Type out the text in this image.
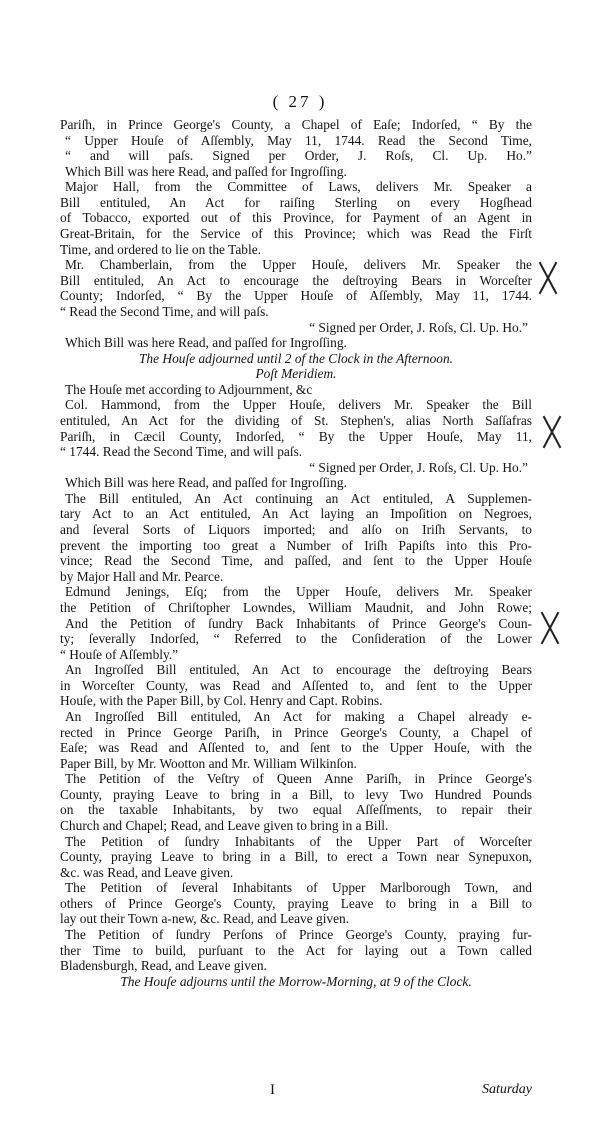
( 27 )
Pariſh, in Prince George's County, a Chapel of Eaſe; Indorſed, “ By the
“ Upper Houſe of Aſſembly, May 11, 1744. Read the Second Time,
“ and will paſs. Signed per Order, J. Roſs, Cl. Up. Ho.”
Which Bill was here Read, and paſſed for Ingroſſing.
Major Hall, from the Committee of Laws, delivers Mr. Speaker a
Bill entituled, An Act for raiſing Sterling on every Hogſhead
of Tobacco, exported out of this Province, for Payment of an Agent in
Great-Britain, for the Service of this Province; which was Read the Firſt
Time, and ordered to lie on the Table.
Mr. Chamberlain, from the Upper Houſe, delivers Mr. Speaker the
Bill entituled, An Act to encourage the deſtroying Bears in Worceſter
County; Indorſed, “ By the Upper Houſe of Aſſembly, May 11, 1744.
“ Read the Second Time, and will paſs.
“ Signed per Order, J. Roſs, Cl. Up. Ho.”
Which Bill was here Read, and paſſed for Ingroſſing.
The Houſe adjourned until 2 of the Clock in the Afternoon.
Poſt Meridiem.
The Houſe met according to Adjournment, &c
Col. Hammond, from the Upper Houſe, delivers Mr. Speaker the Bill
entituled, An Act for the dividing of St. Stephen's, alias North Saſſafras
Pariſh, in Cæcil County, Indorſed, “ By the Upper Houſe, May 11,
“ 1744. Read the Second Time, and will paſs.
“ Signed per Order, J. Roſs, Cl. Up. Ho.”
Which Bill was here Read, and paſſed for Ingroſſing.
The Bill entituled, An Act continuing an Act entituled, A Supplemen-
tary Act to an Act entituled, An Act laying an Impoſition on Negroes,
and ſeveral Sorts of Liquors imported; and alſo on Iriſh Servants, to
prevent the importing too great a Number of Iriſh Papiſts into this Pro-
vince; Read the Second Time, and paſſed, and ſent to the Upper Houſe
by Major Hall and Mr. Pearce.
Edmund Jenings, Eſq; from the Upper Houſe, delivers Mr. Speaker
the Petition of Chriſtopher Lowndes, William Maudnit, and John Rowe;
And the Petition of ſundry Back Inhabitants of Prince George's Coun-
ty; ſeverally Indorſed, “ Referred to the Conſideration of the Lower
“ Houſe of Aſſembly.”
An Ingroſſed Bill entituled, An Act to encourage the deſtroying Bears
in Worceſter County, was Read and Aſſented to, and ſent to the Upper
Houſe, with the Paper Bill, by Col. Henry and Capt. Robins.
An Ingroſſed Bill entituled, An Act for making a Chapel already e-
rected in Prince George Pariſh, in Prince George's County, a Chapel of
Eaſe; was Read and Aſſented to, and ſent to the Upper Houſe, with the
Paper Bill, by Mr. Wootton and Mr. William Wilkinſon.
The Petition of the Veſtry of Queen Anne Pariſh, in Prince George's
County, praying Leave to bring in a Bill, to levy Two Hundred Pounds
on the taxable Inhabitants, by two equal Aſſeſſments, to repair their
Church and Chapel; Read, and Leave given to bring in a Bill.
The Petition of ſundry Inhabitants of the Upper Part of Worceſter
County, praying Leave to bring in a Bill, to erect a Town near Synepuxon,
&c. was Read, and Leave given.
The Petition of ſeveral Inhabitants of Upper Marlborough Town, and
others of Prince George's County, praying Leave to bring in a Bill to
lay out their Town a-new, &c. Read, and Leave given.
The Petition of ſundry Perſons of Prince George's County, praying fur-
ther Time to build, purſuant to the Act for laying out a Town called
Bladensburgh, Read, and Leave given.
The Houſe adjourns until the Morrow-Morning, at 9 of the Clock.
I	Saturday
